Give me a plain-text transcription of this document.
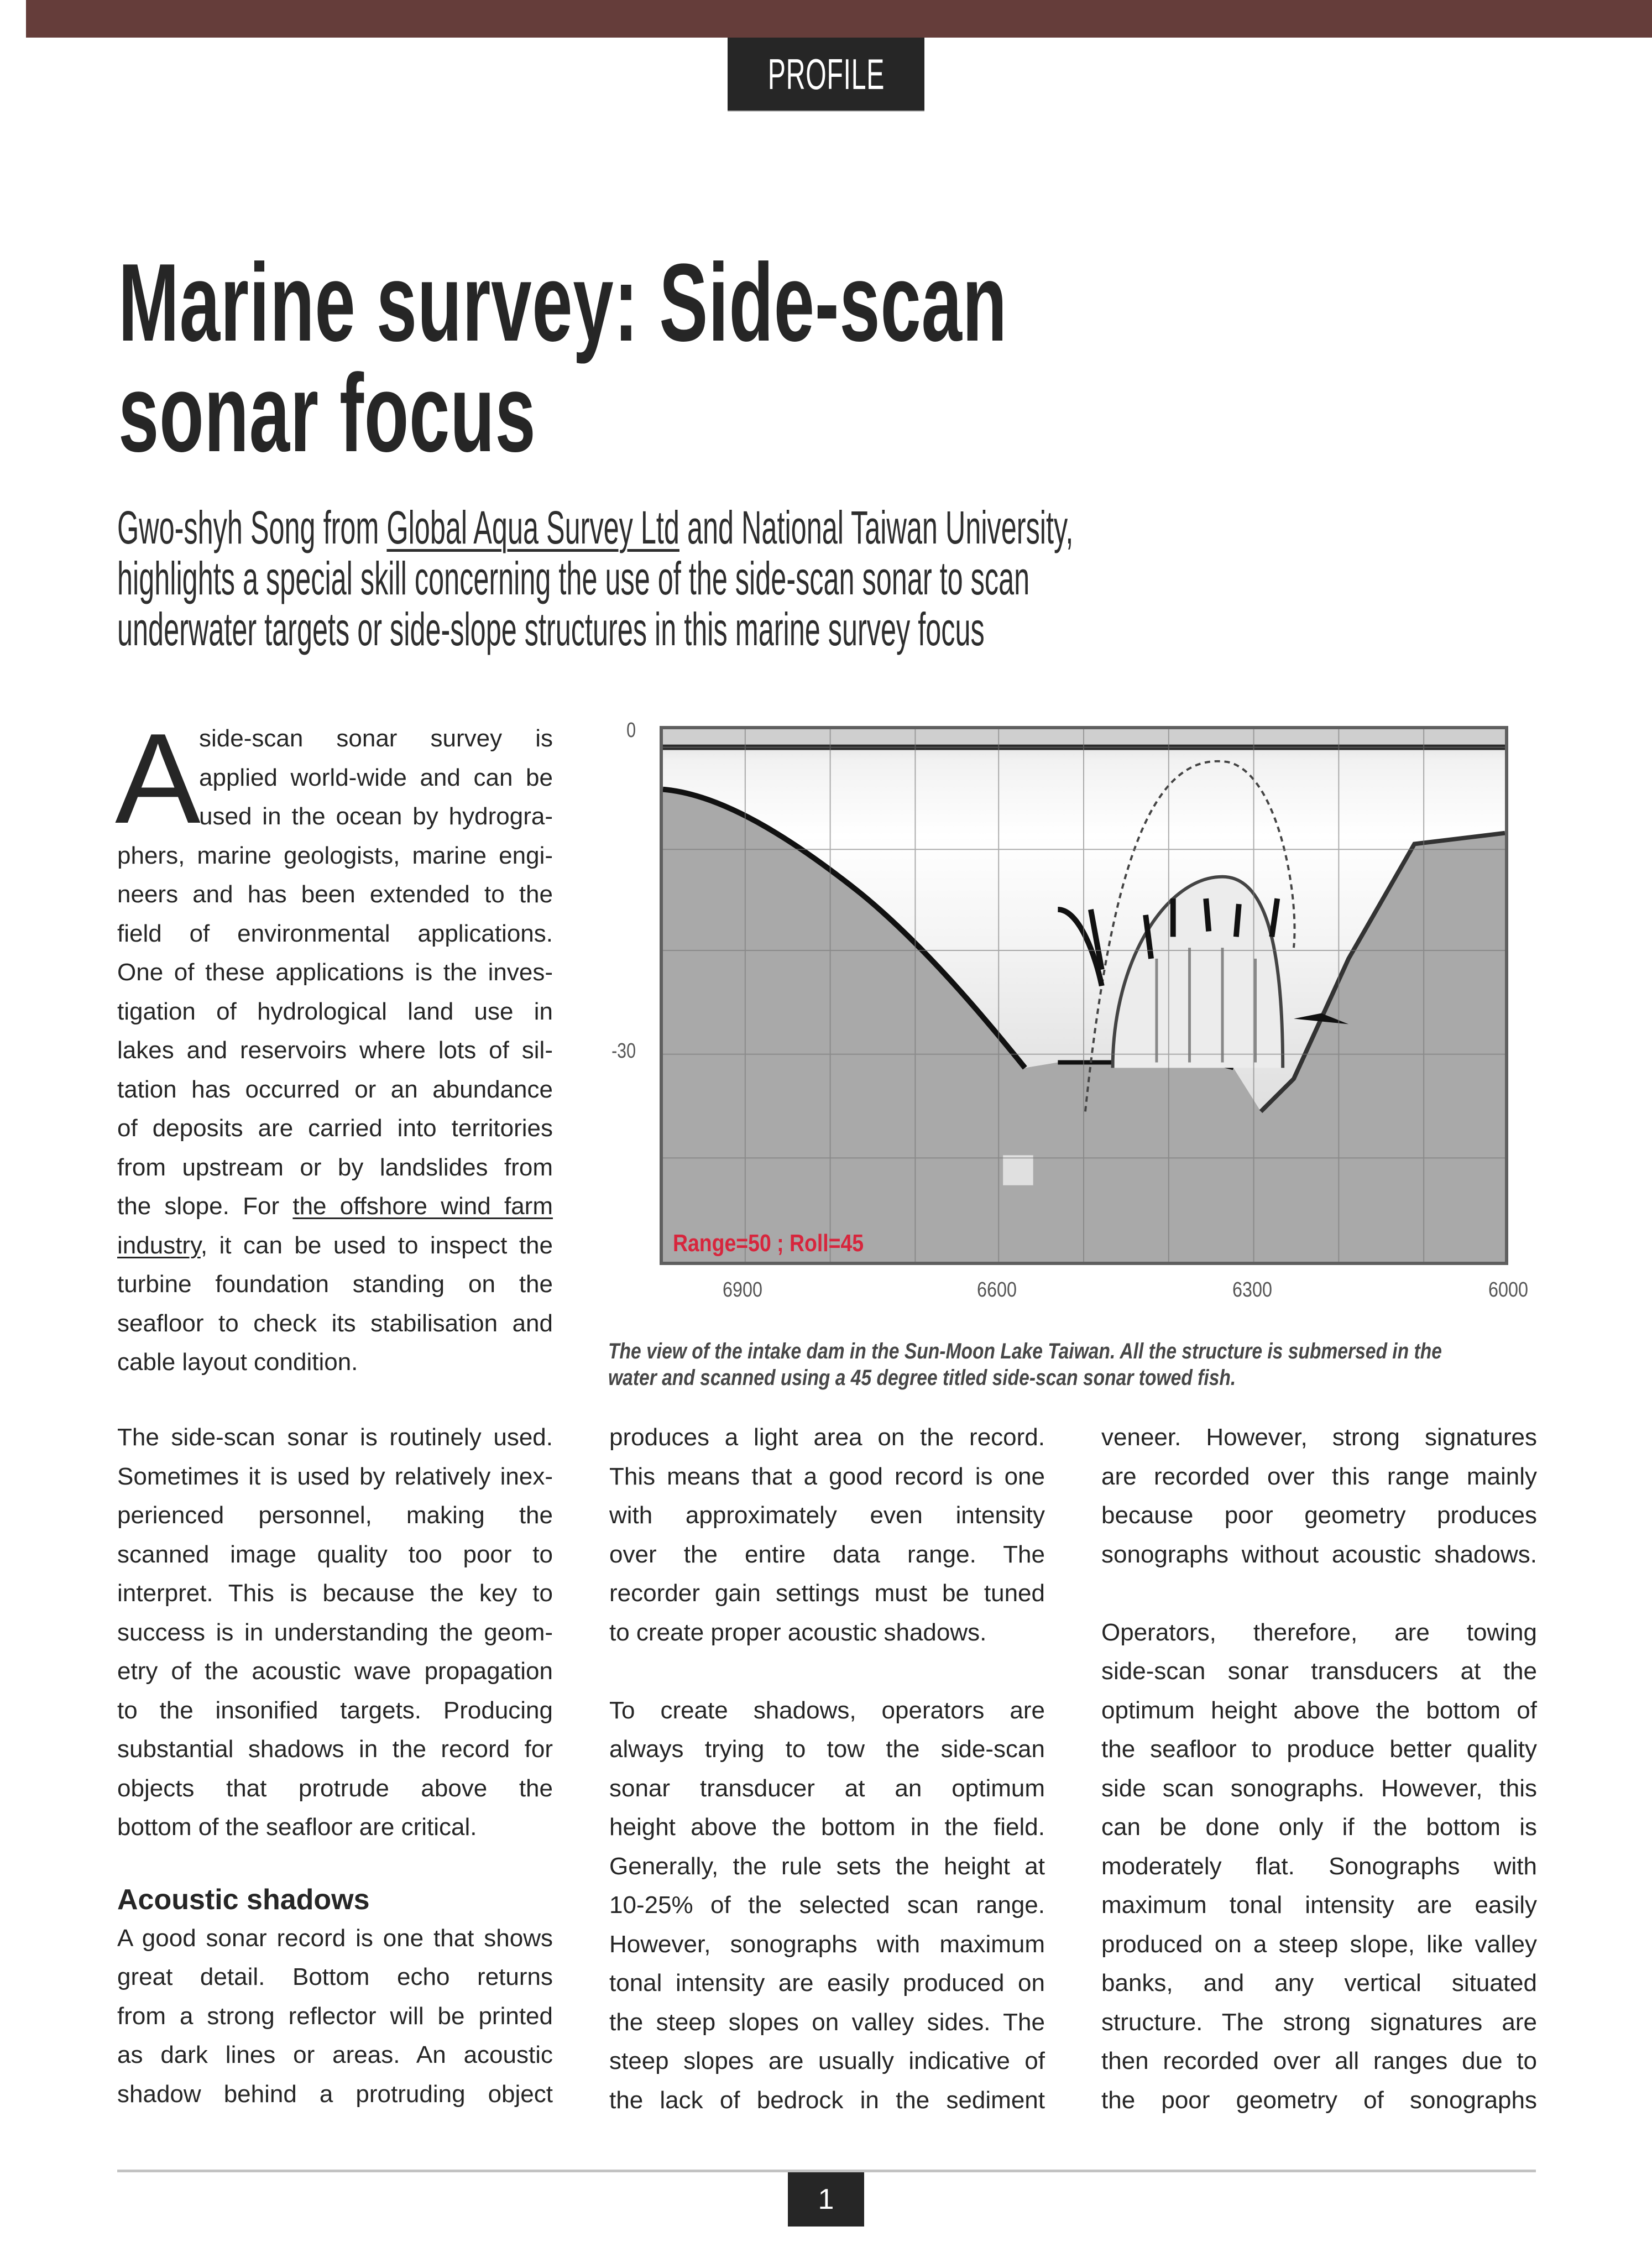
PROFILE
Marine survey: Side-scan
sonar focus
Gwo-shyh Song from Global Aqua Survey Ltd and National Taiwan University,
highlights a special skill concerning the use of the side-scan sonar to scan
underwater targets or side-slope structures in this marine survey focus
A
side-scan sonar survey is
applied world-wide and can be
used in the ocean by hydrogra-
phers, marine geologists, marine engi-
neers and has been extended to the
field of environmental applications.
One of these applications is the inves-
tigation of hydrological land use in
lakes and reservoirs where lots of sil-
tation has occurred or an abundance
of deposits are carried into territories
from upstream or by landslides from
the slope. For the offshore wind farm
industry, it can be used to inspect the
turbine foundation standing on the
seafloor to check its stabilisation and
cable layout condition.
0
-30
Range=50 ; Roll=45
6900	6600	6300	6000
The view of the intake dam in the Sun-Moon Lake Taiwan. All the structure is submersed in the
water and scanned using a 45 degree titled side-scan sonar towed fish.
The side-scan sonar is routinely used.
Sometimes it is used by relatively inex-
perienced personnel, making the
scanned image quality too poor to
interpret. This is because the key to
success is in understanding the geom-
etry of the acoustic wave propagation
to the insonified targets. Producing
substantial shadows in the record for
objects that protrude above the
bottom of the seafloor are critical.
Acoustic shadows
A good sonar record is one that shows
great detail. Bottom echo returns
from a strong reflector will be printed
as dark lines or areas. An acoustic
shadow behind a protruding object
produces a light area on the record.
This means that a good record is one
with approximately even intensity
over the entire data range. The
recorder gain settings must be tuned
to create proper acoustic shadows.
To create shadows, operators are
always trying to tow the side-scan
sonar transducer at an optimum
height above the bottom in the field.
Generally, the rule sets the height at
10-25% of the selected scan range.
However, sonographs with maximum
tonal intensity are easily produced on
the steep slopes on valley sides. The
steep slopes are usually indicative of
the lack of bedrock in the sediment
veneer. However, strong signatures
are recorded over this range mainly
because poor geometry produces
sonographs without acoustic shadows.
Operators, therefore, are towing
side-scan sonar transducers at the
optimum height above the bottom of
the seafloor to produce better quality
side scan sonographs. However, this
can be done only if the bottom is
moderately flat. Sonographs with
maximum tonal intensity are easily
produced on a steep slope, like valley
banks, and any vertical situated
structure. The strong signatures are
then recorded over all ranges due to
the poor geometry of sonographs
1
